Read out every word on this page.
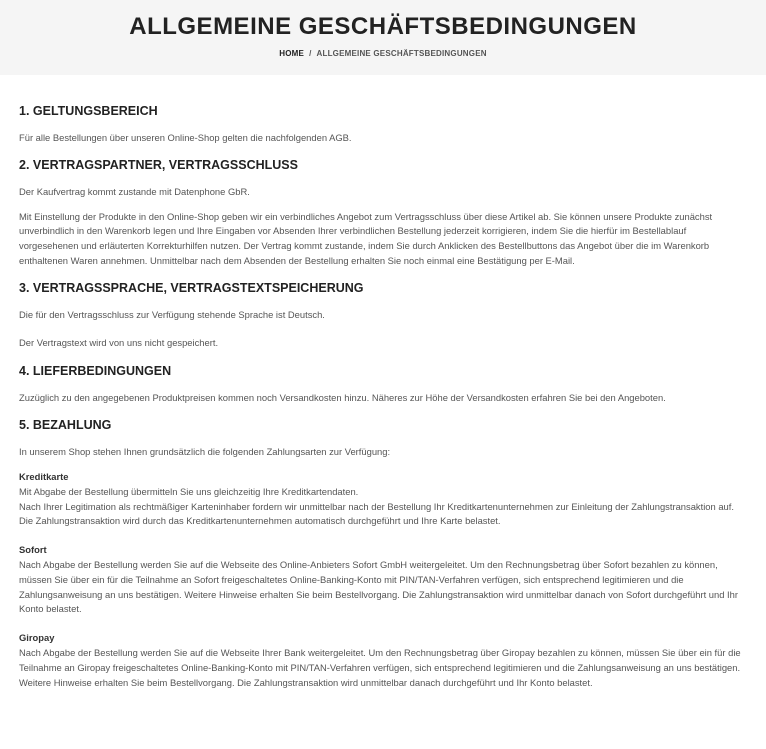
ALLGEMEINE GESCHÄFTSBEDINGUNGEN
HOME / ALLGEMEINE GESCHÄFTSBEDINGUNGEN
1. GELTUNGSBEREICH

Für alle Bestellungen über unseren Online-Shop gelten die nachfolgenden AGB.

2. VERTRAGSPARTNER, VERTRAGSSCHLUSS

Der Kaufvertrag kommt zustande mit Datenphone GbR.

Mit Einstellung der Produkte in den Online-Shop geben wir ein verbindliches Angebot zum Vertragsschluss über diese Artikel ab. Sie können unsere Produkte zunächst unverbindlich in den Warenkorb legen und Ihre Eingaben vor Absenden Ihrer verbindlichen Bestellung jederzeit korrigieren, indem Sie die hierfür im Bestellablauf vorgesehenen und erläuterten Korrekturhilfen nutzen. Der Vertrag kommt zustande, indem Sie durch Anklicken des Bestellbuttons das Angebot über die im Warenkorb enthaltenen Waren annehmen. Unmittelbar nach dem Absenden der Bestellung erhalten Sie noch einmal eine Bestätigung per E-Mail.

3. VERTRAGSSPRACHE, VERTRAGSTEXTSPEICHERUNG

Die für den Vertragsschluss zur Verfügung stehende Sprache ist Deutsch.

Der Vertragstext wird von uns nicht gespeichert.

4. LIEFERBEDINGUNGEN

Zuzüglich zu den angegebenen Produktpreisen kommen noch Versandkosten hinzu. Näheres zur Höhe der Versandkosten erfahren Sie bei den Angeboten.

5. BEZAHLUNG

In unserem Shop stehen Ihnen grundsätzlich die folgenden Zahlungsarten zur Verfügung:

Kreditkarte

Mit Abgabe der Bestellung übermitteln Sie uns gleichzeitig Ihre Kreditkartendaten.

Nach Ihrer Legitimation als rechtmäßiger Karteninhaber fordern wir unmittelbar nach der Bestellung Ihr Kreditkartenunternehmen zur Einleitung der Zahlungstransaktion auf. Die Zahlungstransaktion wird durch das Kreditkartenunternehmen automatisch durchgeführt und Ihre Karte belastet.

Sofort

Nach Abgabe der Bestellung werden Sie auf die Webseite des Online-Anbieters Sofort GmbH weitergeleitet. Um den Rechnungsbetrag über Sofort bezahlen zu können, müssen Sie über ein für die Teilnahme an Sofort freigeschaltetes Online-Banking-Konto mit PIN/TAN-Verfahren verfügen, sich entsprechend legitimieren und die Zahlungsanweisung an uns bestätigen. Weitere Hinweise erhalten Sie beim Bestellvorgang. Die Zahlungstransaktion wird unmittelbar danach von Sofort durchgeführt und Ihr Konto belastet.

Giropay

Nach Abgabe der Bestellung werden Sie auf die Webseite Ihrer Bank weitergeleitet. Um den Rechnungsbetrag über Giropay bezahlen zu können, müssen Sie über ein für die Teilnahme an Giropay freigeschaltetes Online-Banking-Konto mit PIN/TAN-Verfahren verfügen, sich entsprechend legitimieren und die Zahlungsanweisung an uns bestätigen. Weitere Hinweise erhalten Sie beim Bestellvorgang. Die Zahlungstransaktion wird unmittelbar danach durchgeführt und Ihr Konto belastet.
